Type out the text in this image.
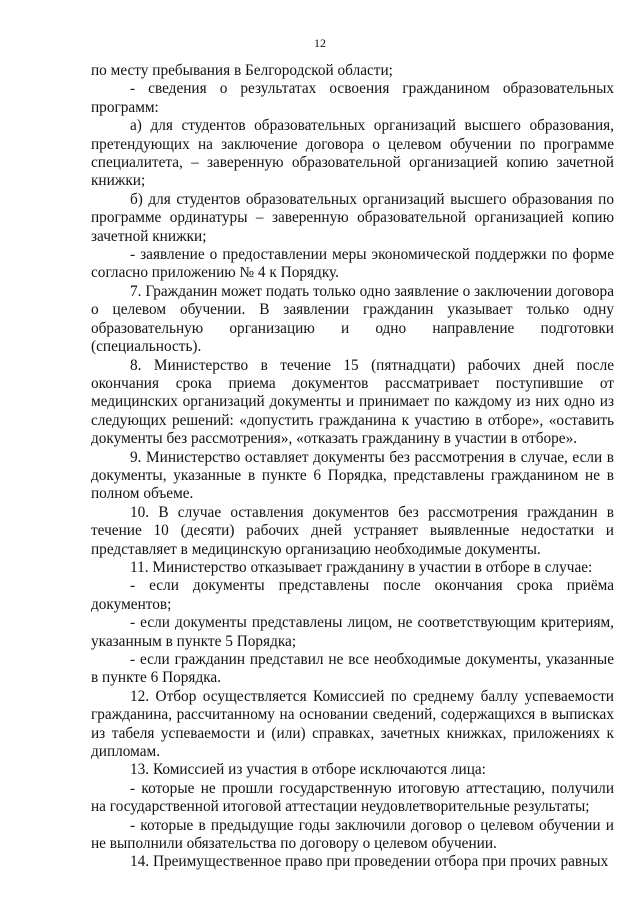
12

по месту пребывания в Белгородской области;

- сведения о результатах освоения гражданином образовательных программ:

а) для студентов образовательных организаций высшего образования, претендующих на заключение договора о целевом обучении по программе специалитета, – заверенную образовательной организацией копию зачетной книжки;

б) для студентов образовательных организаций высшего образования по программе ординатуры – заверенную образовательной организацией копию зачетной книжки;

- заявление о предоставлении меры экономической поддержки по форме согласно приложению № 4 к Порядку.

7. Гражданин может подать только одно заявление о заключении договора о целевом обучении. В заявлении гражданин указывает только одну образовательную организацию и одно направление подготовки (специальность).

8. Министерство в течение 15 (пятнадцати) рабочих дней после окончания срока приема документов рассматривает поступившие от медицинских организаций документы и принимает по каждому из них одно из следующих решений: «допустить гражданина к участию в отборе», «оставить документы без рассмотрения», «отказать гражданину в участии в отборе».

9. Министерство оставляет документы без рассмотрения в случае, если в документы, указанные в пункте 6 Порядка, представлены гражданином не в полном объеме.

10. В случае оставления документов без рассмотрения гражданин в течение 10 (десяти) рабочих дней устраняет выявленные недостатки и представляет в медицинскую организацию необходимые документы.

11. Министерство отказывает гражданину в участии в отборе в случае:

- если документы представлены после окончания срока приёма документов;

- если документы представлены лицом, не соответствующим критериям, указанным в пункте 5 Порядка;

- если гражданин представил не все необходимые документы, указанные в пункте 6 Порядка.

12. Отбор осуществляется Комиссией по среднему баллу успеваемости гражданина, рассчитанному на основании сведений, содержащихся в выписках из табеля успеваемости и (или) справках, зачетных книжках, приложениях к дипломам.

13. Комиссией из участия в отборе исключаются лица:

- которые не прошли государственную итоговую аттестацию, получили на государственной итоговой аттестации неудовлетворительные результаты;

- которые в предыдущие годы заключили договор о целевом обучении и не выполнили обязательства по договору о целевом обучении.

14. Преимущественное право при проведении отбора при прочих равных
